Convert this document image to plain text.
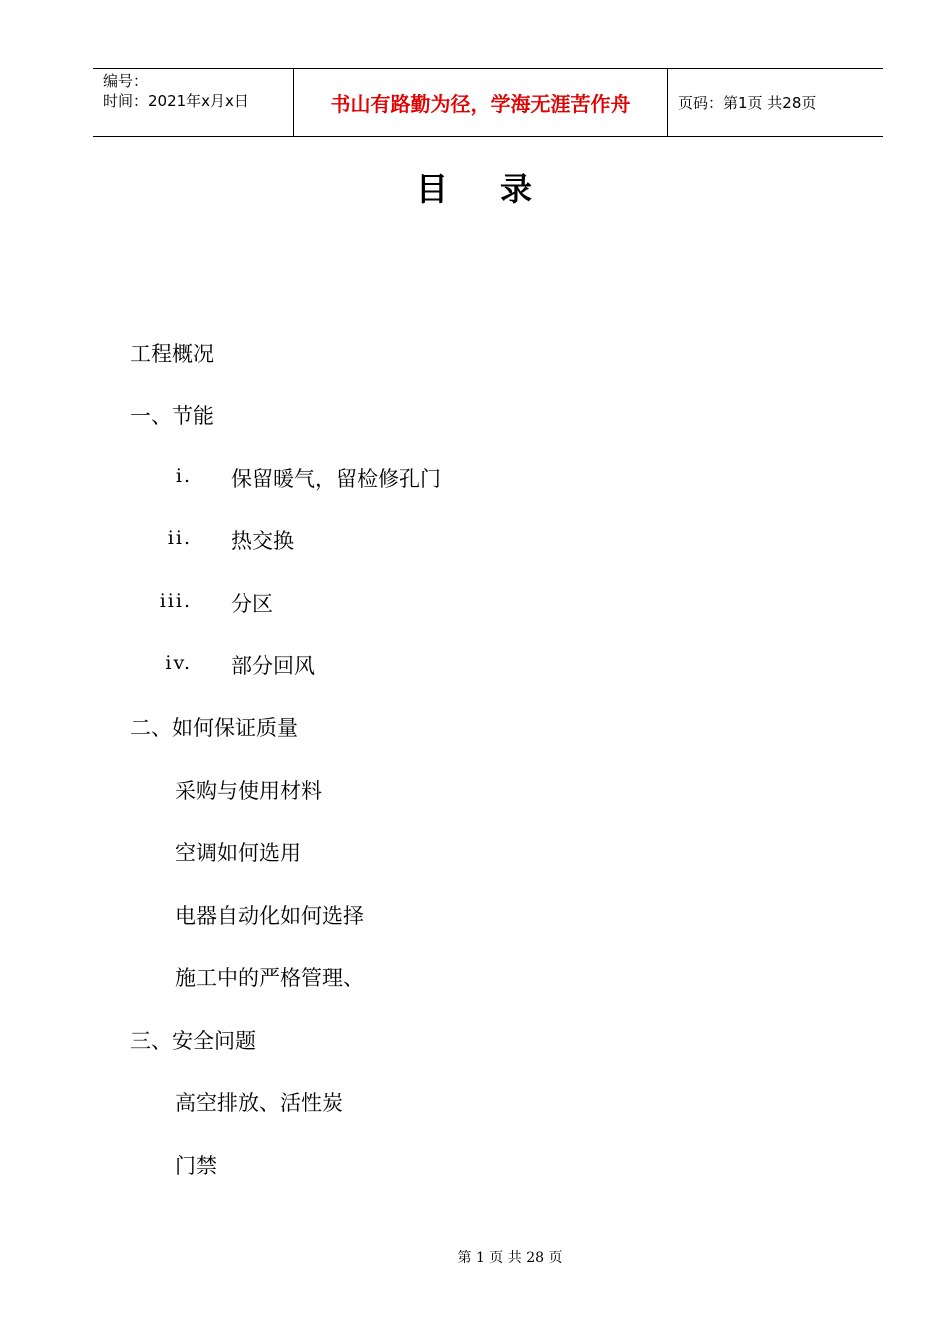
编号：
时间：2021年x月x日	书山有路勤为径，学海无涯苦作舟	页码：第1页 共28页
目 录
工程概况
一、节能
i. 保留暖气，留检修孔门
ii. 热交换
iii. 分区
iv. 部分回风
二、如何保证质量
采购与使用材料
空调如何选用
电器自动化如何选择
施工中的严格管理、
三、安全问题
高空排放、活性炭
门禁
第 1 页 共 28 页
